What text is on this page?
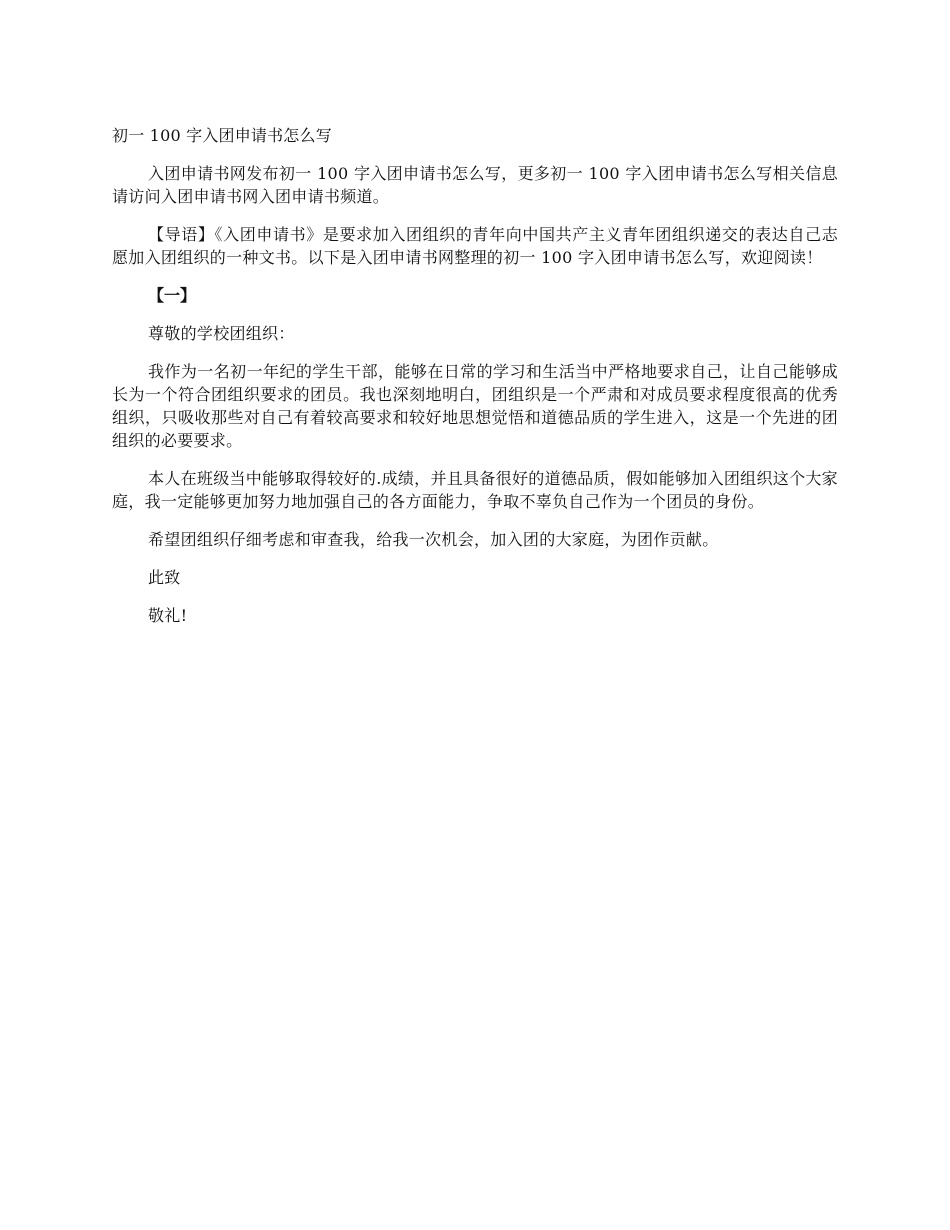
初一 100 字入团申请书怎么写

入团申请书网发布初一 100 字入团申请书怎么写，更多初一 100 字入团申请书怎么写相关信息请访问入团申请书网入团申请书频道。

【导语】《入团申请书》是要求加入团组织的青年向中国共产主义青年团组织递交的表达自己志愿加入团组织的一种文书。以下是入团申请书网整理的初一 100 字入团申请书怎么写，欢迎阅读！

【一】

尊敬的学校团组织：

我作为一名初一年纪的学生干部，能够在日常的学习和生活当中严格地要求自己，让自己能够成长为一个符合团组织要求的团员。我也深刻地明白，团组织是一个严肃和对成员要求程度很高的优秀组织，只吸收那些对自己有着较高要求和较好地思想觉悟和道德品质的学生进入，这是一个先进的团组织的必要要求。

本人在班级当中能够取得较好的.成绩，并且具备很好的道德品质，假如能够加入团组织这个大家庭，我一定能够更加努力地加强自己的各方面能力，争取不辜负自己作为一个团员的身份。

希望团组织仔细考虑和审查我，给我一次机会，加入团的大家庭，为团作贡献。

此致

敬礼!
